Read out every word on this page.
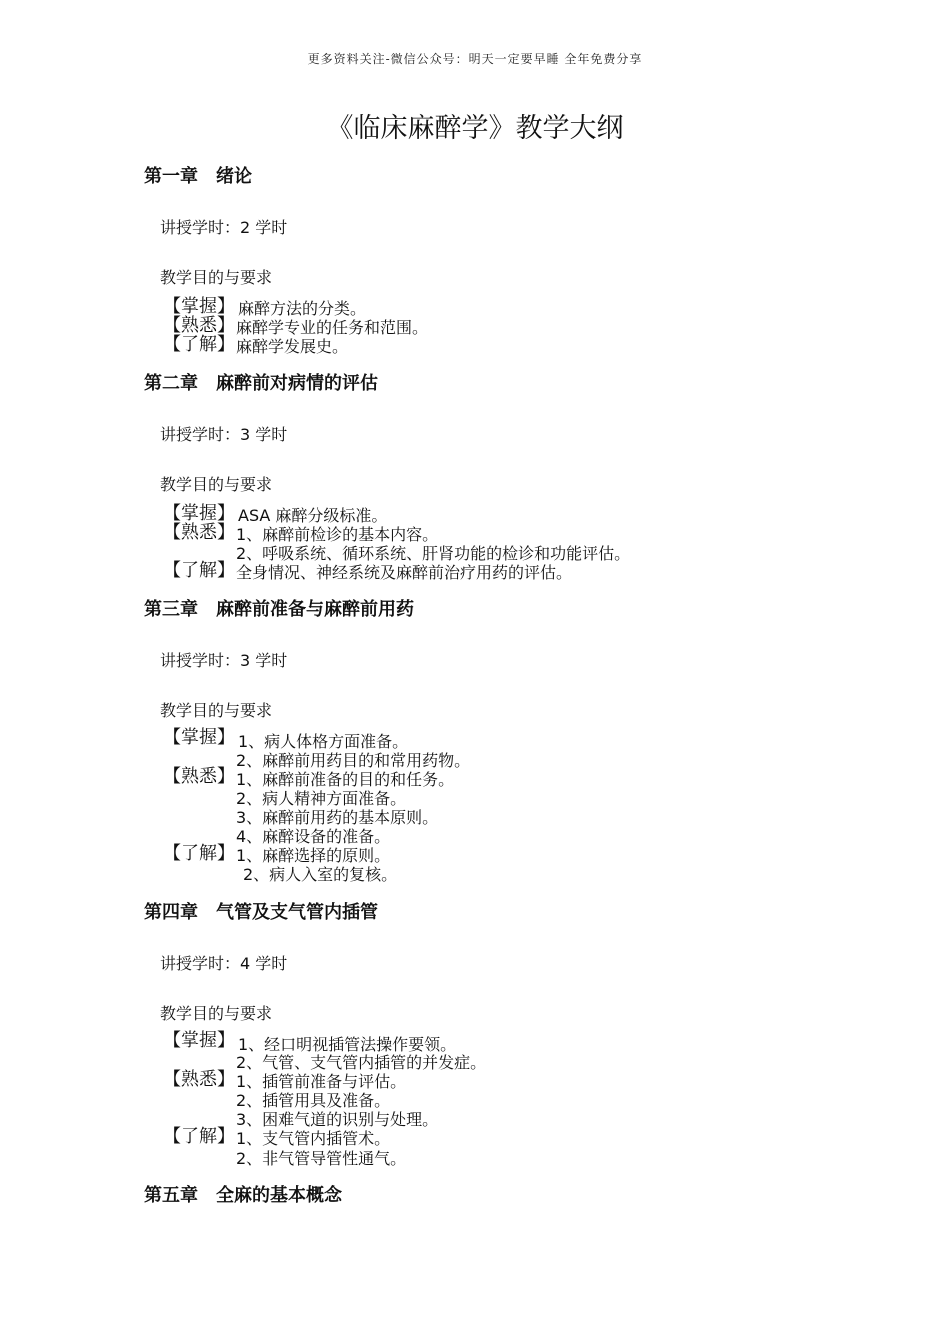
更多资料关注-微信公众号：明天一定要早睡 全年免费分享
《临床麻醉学》教学大纲
第一章　绪论
讲授学时：2 学时
教学目的与要求
【掌握】 麻醉方法的分类。
【熟悉】 麻醉学专业的任务和范围。
【了解】 麻醉学发展史。
第二章　麻醉前对病情的评估
讲授学时：3 学时
教学目的与要求
【掌握】 ASA 麻醉分级标准。
【熟悉】 1、麻醉前检诊的基本内容。
2、呼吸系统、循环系统、肝肾功能的检诊和功能评估。
【了解】 全身情况、神经系统及麻醉前治疗用药的评估。
第三章　麻醉前准备与麻醉前用药
讲授学时：3 学时
教学目的与要求
【掌握】 1、病人体格方面准备。
2、麻醉前用药目的和常用药物。
【熟悉】 1、麻醉前准备的目的和任务。
2、病人精神方面准备。
3、麻醉前用药的基本原则。
4、麻醉设备的准备。
【了解】 1、麻醉选择的原则。
2、病人入室的复核。
第四章　气管及支气管内插管
讲授学时：4 学时
教学目的与要求
【掌握】 1、经口明视插管法操作要领。
2、气管、支气管内插管的并发症。
【熟悉】 1、插管前准备与评估。
2、插管用具及准备。
3、困难气道的识别与处理。
【了解】 1、支气管内插管术。
2、非气管导管性通气。
第五章　全麻的基本概念
